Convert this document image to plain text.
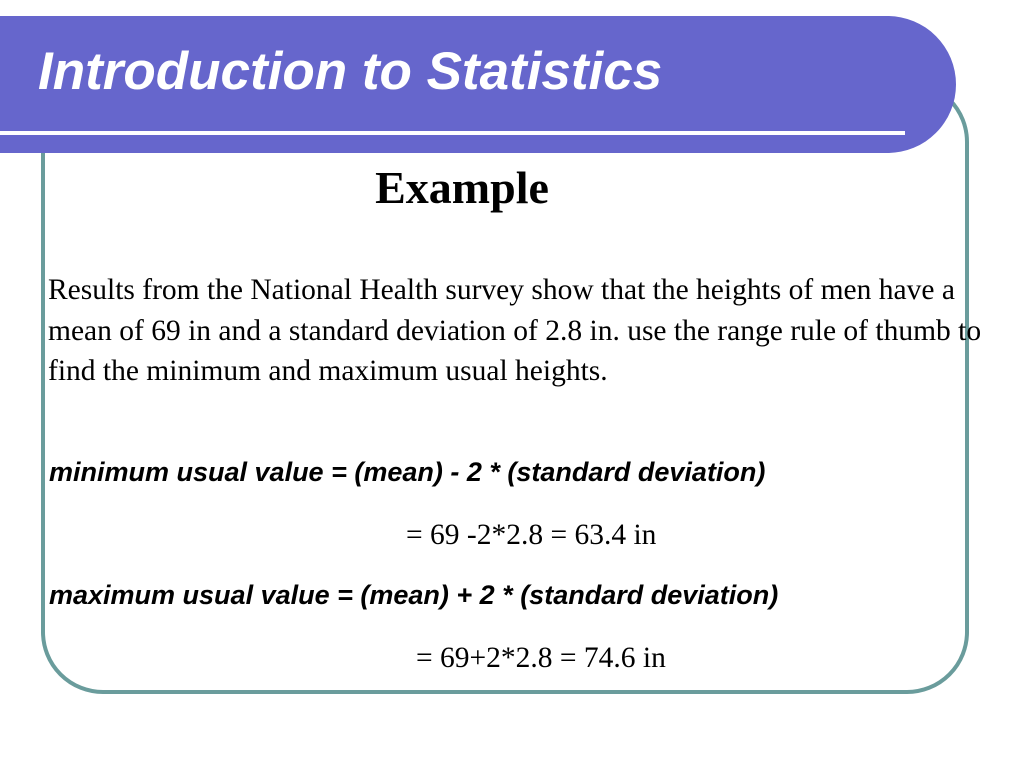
Introduction to Statistics
Example

Results from the National Health survey show that the heights of men have a mean of 69 in and a standard deviation of 2.8 in. use the range rule of thumb to find the minimum and maximum usual heights.

minimum usual value = (mean) - 2 * (standard deviation)

= 69 -2*2.8 = 63.4 in

maximum usual value = (mean) + 2 * (standard deviation)

= 69+2*2.8 = 74.6 in
